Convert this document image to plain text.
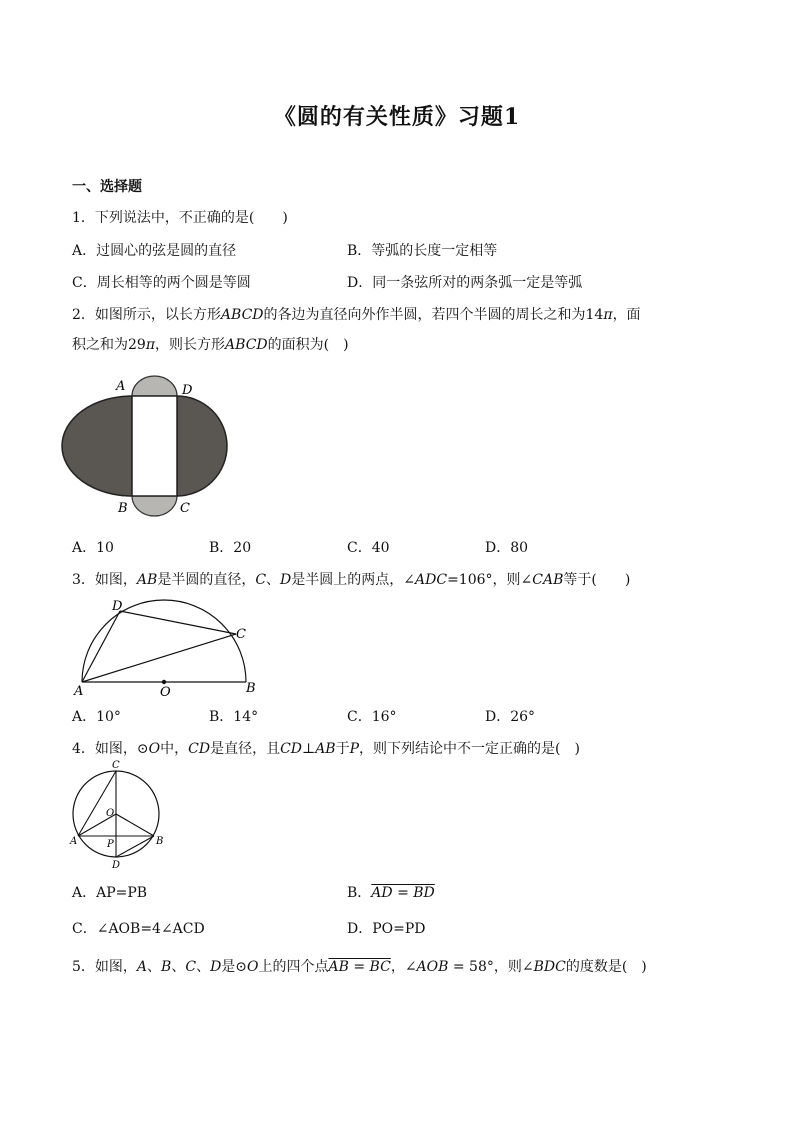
《圆的有关性质》习题1
一、选择题
1．下列说法中，不正确的是(　　)
A．过圆心的弦是圆的直径	B．等弧的长度一定相等
C．周长相等的两个圆是等圆	D．同一条弦所对的两条弧一定是等弧
2．如图所示，以长方形ABCD的各边为直径向外作半圆，若四个半圆的周长之和为14π，面
积之和为29π，则长方形ABCD的面积为(　)
A	D
B	C
A．10	B．20	C．40	D．80
3．如图，AB是半圆的直径，C、D是半圆上的两点，∠ADC=106°，则∠CAB等于(　　)
A	B
C
D
O
A．10°	B．14°	C．16°	D．26°
4．如图，⊙O中，CD是直径，且CD⊥AB于P，则下列结论中不一定正确的是(　)
C
O
A	P	B
D
A．AP=PB	B．AD = BD
C．∠AOB=4∠ACD	D．PO=PD
5．如图，A、B、C、D是⊙O上的四个点AB = BC，∠AOB = 58°，则∠BDC的度数是(　)
